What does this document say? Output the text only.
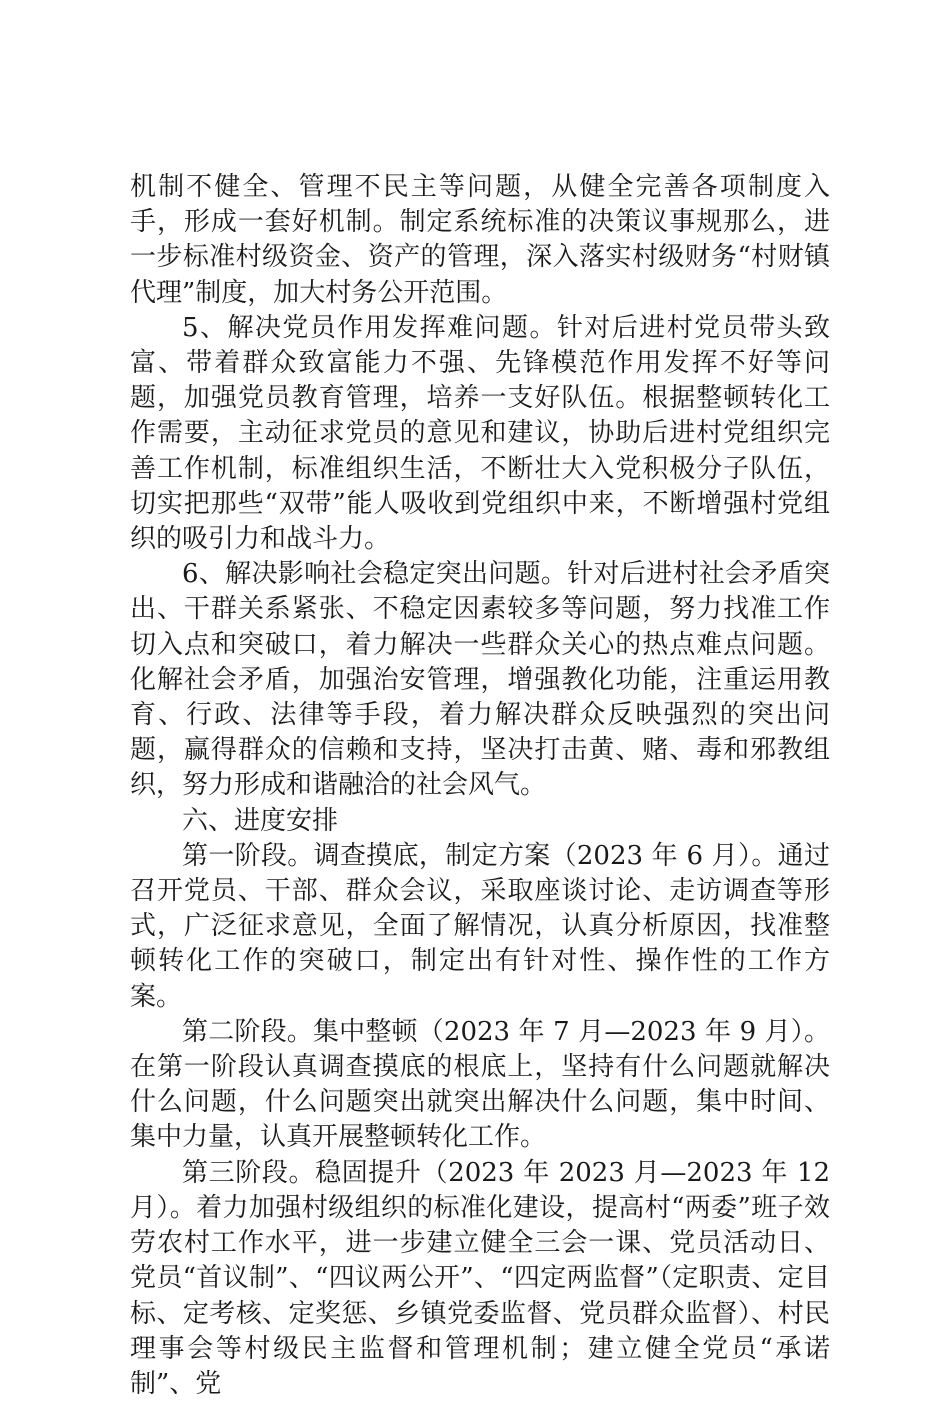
机制不健全、管理不民主等问题，从健全完善各项制度入手，形成一套好机制。制定系统标准的决策议事规那么，进一步标准村级资金、资产的管理，深入落实村级财务“村财镇代理”制度，加大村务公开范围。

5、解决党员作用发挥难问题。针对后进村党员带头致富、带着群众致富能力不强、先锋模范作用发挥不好等问题，加强党员教育管理，培养一支好队伍。根据整顿转化工作需要，主动征求党员的意见和建议，协助后进村党组织完善工作机制，标准组织生活，不断壮大入党积极分子队伍，切实把那些“双带”能人吸收到党组织中来，不断增强村党组织的吸引力和战斗力。

6、解决影响社会稳定突出问题。针对后进村社会矛盾突出、干群关系紧张、不稳定因素较多等问题，努力找准工作切入点和突破口，着力解决一些群众关心的热点难点问题。化解社会矛盾，加强治安管理，增强教化功能，注重运用教育、行政、法律等手段，着力解决群众反映强烈的突出问题，赢得群众的信赖和支持，坚决打击黄、赌、毒和邪教组织，努力形成和谐融洽的社会风气。

六、进度安排

第一阶段。调查摸底，制定方案（2023 年 6 月）。通过召开党员、干部、群众会议，采取座谈讨论、走访调查等形式，广泛征求意见，全面了解情况，认真分析原因，找准整顿转化工作的突破口，制定出有针对性、操作性的工作方案。

第二阶段。集中整顿（2023 年 7 月—2023 年 9 月）。在第一阶段认真调查摸底的根底上，坚持有什么问题就解决什么问题，什么问题突出就突出解决什么问题，集中时间、集中力量，认真开展整顿转化工作。

第三阶段。稳固提升（2023 年 2023 月—2023 年 12 月）。着力加强村级组织的标准化建设，提高村“两委”班子效劳农村工作水平，进一步建立健全三会一课、党员活动日、党员“首议制”、“四议两公开”、“四定两监督”（定职责、定目标、定考核、定奖惩、乡镇党委监督、党员群众监督）、村民理事会等村级民主监督和管理机制；建立健全党员“承诺制”、党
